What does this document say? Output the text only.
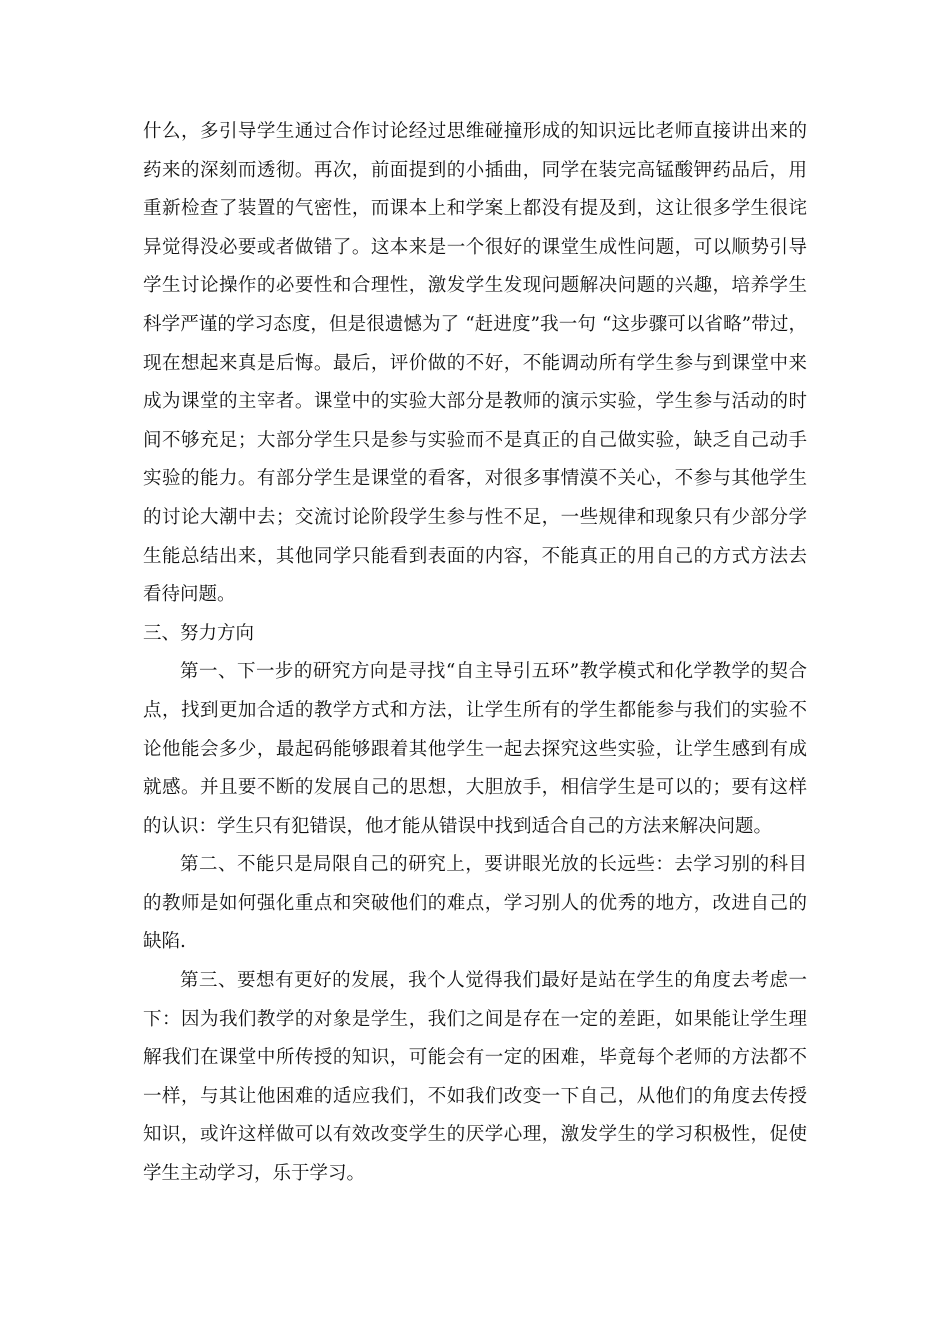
什么，多引导学生通过合作讨论经过思维碰撞形成的知识远比老师直接讲出来的药来的深刻而透彻。再次，前面提到的小插曲，同学在装完高锰酸钾药品后，用重新检查了装置的气密性，而课本上和学案上都没有提及到，这让很多学生很诧异觉得没必要或者做错了。这本来是一个很好的课堂生成性问题，可以顺势引导学生讨论操作的必要性和合理性，激发学生发现问题解决问题的兴趣，培养学生科学严谨的学习态度，但是很遗憾为了 “赶进度”我一句 “这步骤可以省略”带过，现在想起来真是后悔。最后，评价做的不好，不能调动所有学生参与到课堂中来成为课堂的主宰者。课堂中的实验大部分是教师的演示实验，学生参与活动的时间不够充足；大部分学生只是参与实验而不是真正的自己做实验，缺乏自己动手实验的能力。有部分学生是课堂的看客，对很多事情漠不关心，不参与其他学生的讨论大潮中去；交流讨论阶段学生参与性不足，一些规律和现象只有少部分学生能总结出来，其他同学只能看到表面的内容，不能真正的用自己的方式方法去看待问题。

三、努力方向

第一、下一步的研究方向是寻找“自主导引五环”教学模式和化学教学的契合点，找到更加合适的教学方式和方法，让学生所有的学生都能参与我们的实验不论他能会多少，最起码能够跟着其他学生一起去探究这些实验，让学生感到有成就感。并且要不断的发展自己的思想，大胆放手，相信学生是可以的；要有这样的认识：学生只有犯错误，他才能从错误中找到适合自己的方法来解决问题。

第二、不能只是局限自己的研究上，要讲眼光放的长远些：去学习别的科目的教师是如何强化重点和突破他们的难点，学习别人的优秀的地方，改进自己的缺陷.

第三、要想有更好的发展，我个人觉得我们最好是站在学生的角度去考虑一下：因为我们教学的对象是学生，我们之间是存在一定的差距，如果能让学生理解我们在课堂中所传授的知识，可能会有一定的困难，毕竟每个老师的方法都不一样，与其让他困难的适应我们，不如我们改变一下自己，从他们的角度去传授知识，或许这样做可以有效改变学生的厌学心理，激发学生的学习积极性，促使学生主动学习，乐于学习。
